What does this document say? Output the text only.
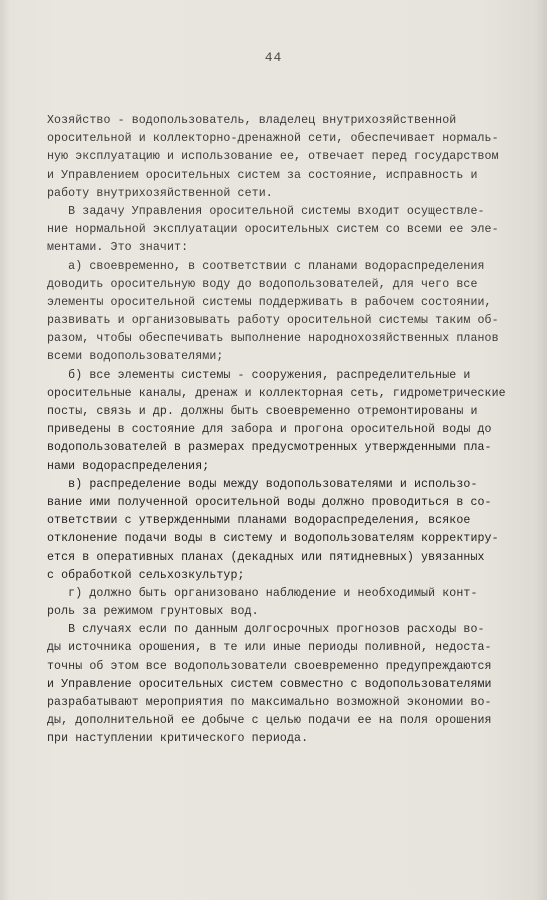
44
Хозяйство - водопользователь, владелец внутрихозяйственной
оросительной и коллекторно-дренажной сети, обеспечивает нормаль-
ную эксплуатацию и использование ее, отвечает перед государством
и Управлением оросительных систем за состояние, исправность и
работу внутрихозяйственной сети.
В задачу Управления оросительной системы входит осуществле-
ние нормальной эксплуатации оросительных систем со всеми ее эле-
ментами. Это значит:
а) своевременно, в соответствии с планами водораспределения
доводить оросительную воду до водопользователей, для чего все
элементы оросительной системы поддерживать в рабочем состоянии,
развивать и организовывать работу оросительной системы таким об-
разом, чтобы обеспечивать выполнение народнохозяйственных планов
всеми водопользователями;
б) все элементы системы - сооружения, распределительные и
оросительные каналы, дренаж и коллекторная сеть, гидрометрические
посты, связь и др. должны быть своевременно отремонтированы и
приведены в состояние для забора и прогона оросительной воды до
водопользователей в размерах предусмотренных утвержденными пла-
нами водораспределения;
в) распределение воды между водопользователями и использо-
вание ими полученной оросительной воды должно проводиться в со-
ответствии с утвержденными планами водораспределения, всякое
отклонение подачи воды в систему и водопользователям корректиру-
ется в оперативных планах (декадных или пятидневных) увязанных
с обработкой сельхозкультур;
г) должно быть организовано наблюдение и необходимый конт-
роль за режимом грунтовых вод.
В случаях если по данным долгосрочных прогнозов расходы во-
ды источника орошения, в те или иные периоды поливной, недоста-
точны об этом все водопользователи своевременно предупреждаются
и Управление оросительных систем совместно с водопользователями
разрабатывают мероприятия по максимально возможной экономии во-
ды, дополнительной ее добыче с целью подачи ее на поля орошения
при наступлении критического периода.
